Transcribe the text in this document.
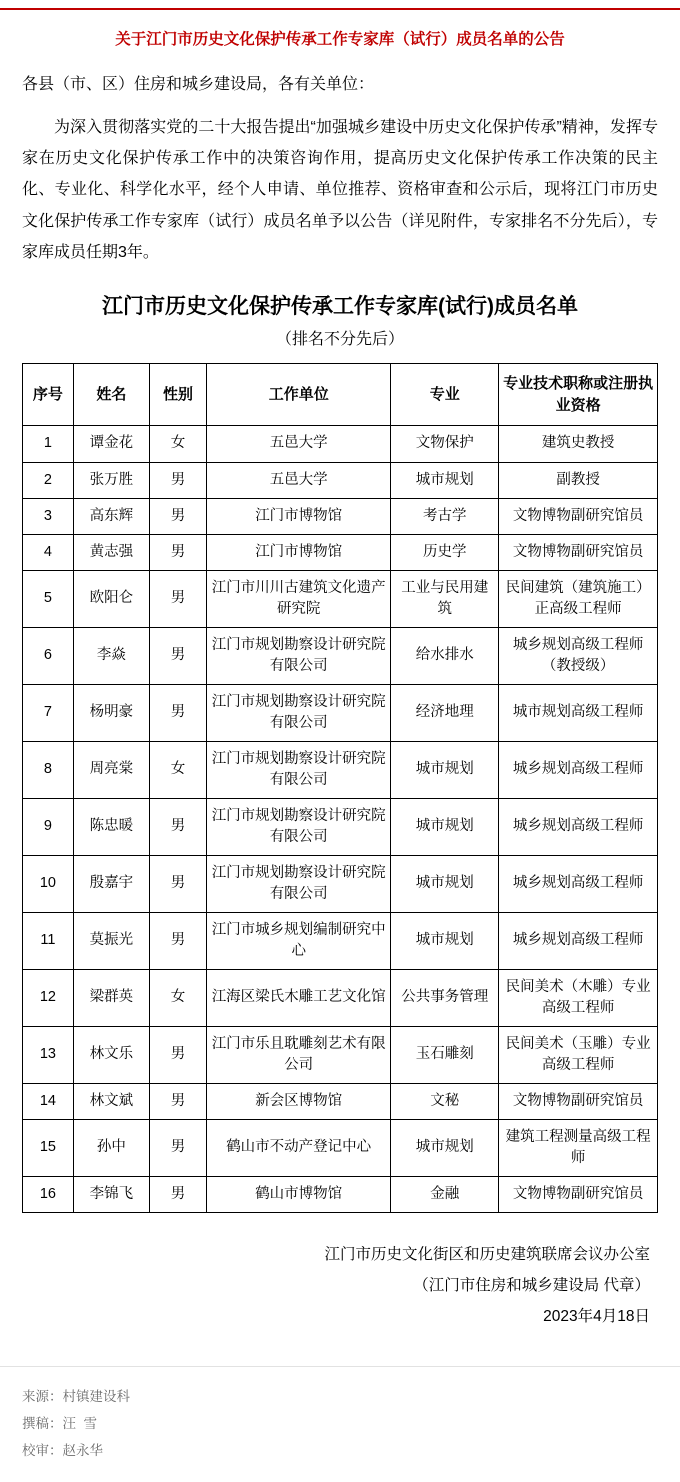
关于江门市历史文化保护传承工作专家库（试行）成员名单的公告
各县（市、区）住房和城乡建设局，各有关单位：
为深入贯彻落实党的二十大报告提出“加强城乡建设中历史文化保护传承”精神，发挥专家在历史文化保护传承工作中的决策咨询作用，提高历史文化保护传承工作决策的民主化、专业化、科学化水平，经个人申请、单位推荐、资格审查和公示后，现将江门市历史文化保护传承工作专家库（试行）成员名单予以公告（详见附件，专家排名不分先后），专家库成员任期3年。
江门市历史文化保护传承工作专家库(试行)成员名单
（排名不分先后）
序号	姓名	性别	工作单位	专业	专业技术职称或注册执业资格
1	谭金花	女	五邑大学	文物保护	建筑史教授
2	张万胜	男	五邑大学	城市规划	副教授
3	高东辉	男	江门市博物馆	考古学	文物博物副研究馆员
4	黄志强	男	江门市博物馆	历史学	文物博物副研究馆员
5	欧阳仑	男	江门市川川古建筑文化遗产研究院	工业与民用建筑	民间建筑（建筑施工）正高级工程师
6	李焱	男	江门市规划勘察设计研究院有限公司	给水排水	城乡规划高级工程师（教授级）
7	杨明豪	男	江门市规划勘察设计研究院有限公司	经济地理	城市规划高级工程师
8	周亮棠	女	江门市规划勘察设计研究院有限公司	城市规划	城乡规划高级工程师
9	陈忠暖	男	江门市规划勘察设计研究院有限公司	城市规划	城乡规划高级工程师
10	殷嘉宇	男	江门市规划勘察设计研究院有限公司	城市规划	城乡规划高级工程师
11	莫振光	男	江门市城乡规划编制研究中心	城市规划	城乡规划高级工程师
12	梁群英	女	江海区梁氏木雕工艺文化馆	公共事务管理	民间美术（木雕）专业高级工程师
13	林文乐	男	江门市乐且耽雕刻艺术有限公司	玉石雕刻	民间美术（玉雕）专业高级工程师
14	林文斌	男	新会区博物馆	文秘	文物博物副研究馆员
15	孙中	男	鹤山市不动产登记中心	城市规划	建筑工程测量高级工程师
16	李锦飞	男	鹤山市博物馆	金融	文物博物副研究馆员
江门市历史文化街区和历史建筑联席会议办公室
（江门市住房和城乡建设局 代章）
2023年4月18日
来源：村镇建设科
撰稿：汪  雪
校审：赵永华
